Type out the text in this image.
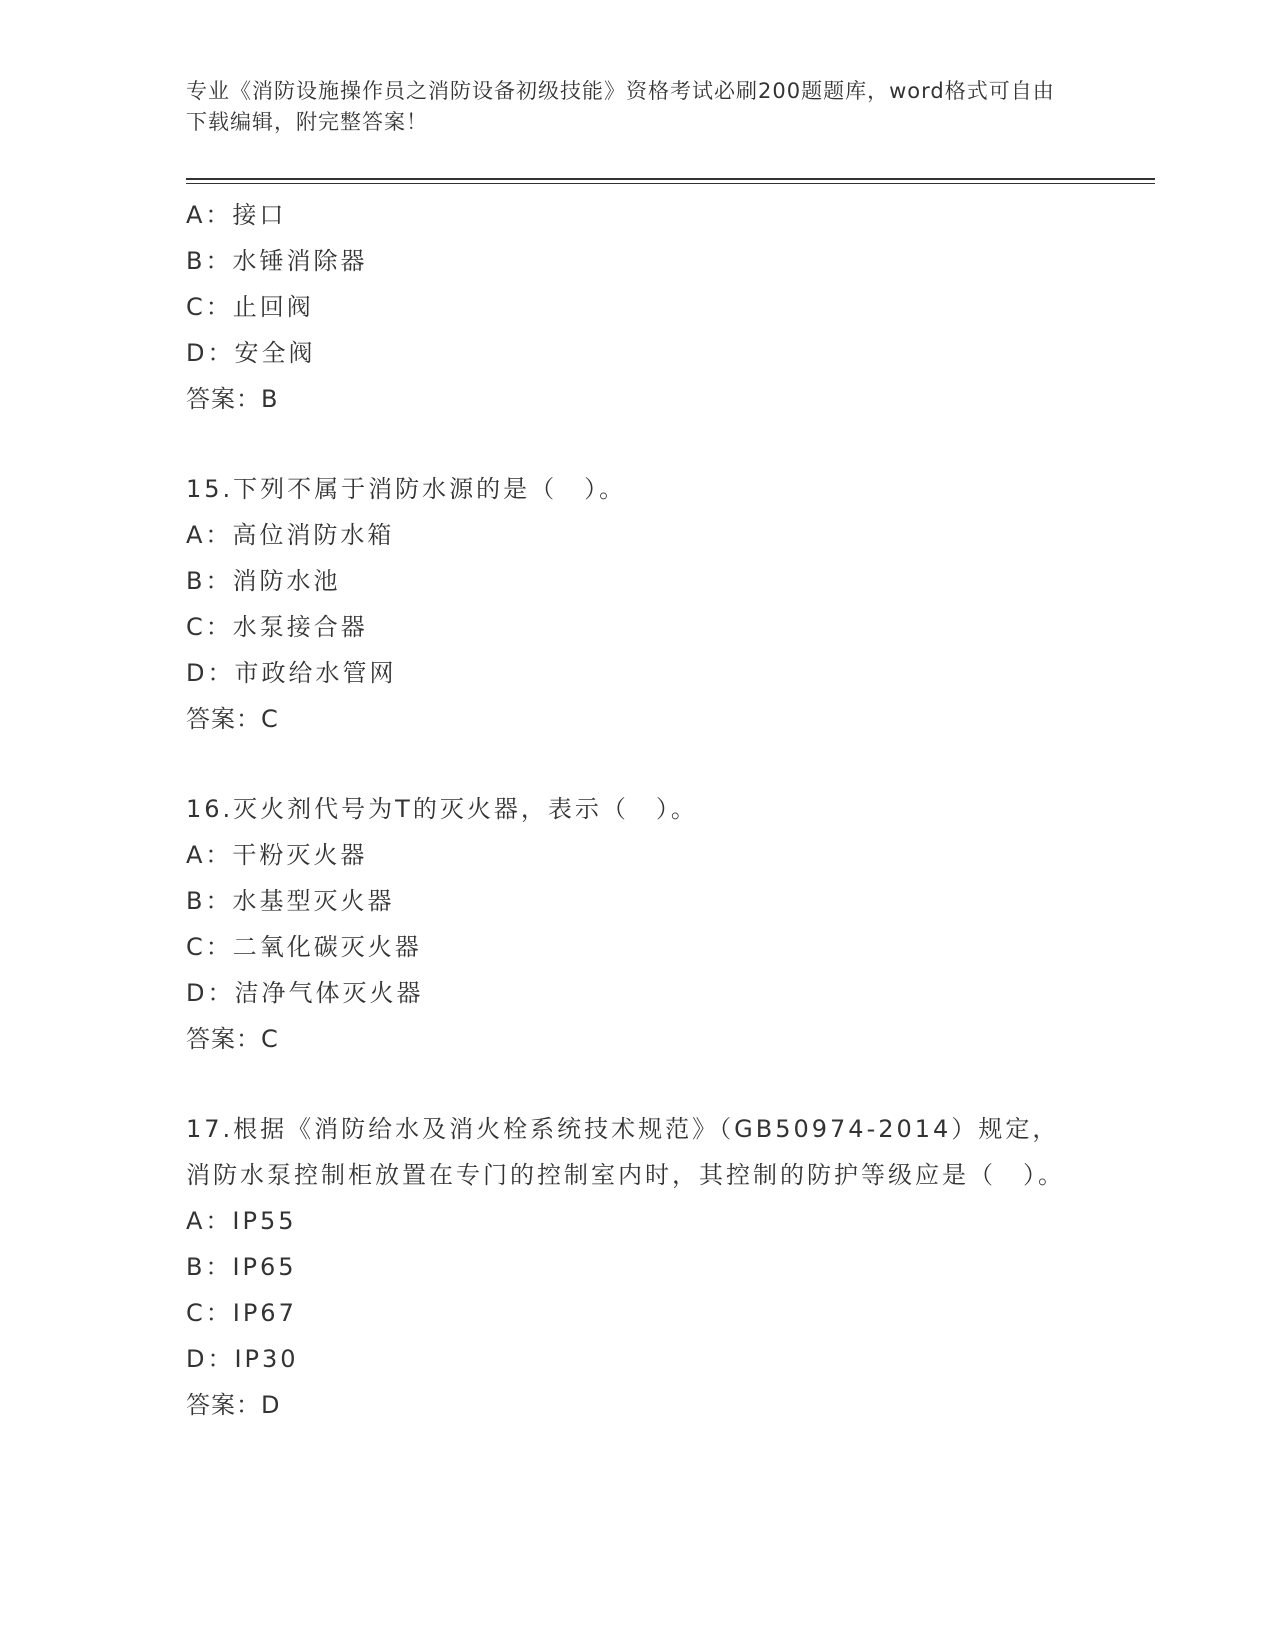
专业《消防设施操作员之消防设备初级技能》资格考试必刷200题题库，word格式可自由下载编辑，附完整答案！
A：接口
B：水锤消除器
C：止回阀
D：安全阀
答案：B
15.下列不属于消防水源的是（　）。
A：高位消防水箱
B：消防水池
C：水泵接合器
D：市政给水管网
答案：C
16.灭火剂代号为T的灭火器，表示（　）。
A：干粉灭火器
B：水基型灭火器
C：二氧化碳灭火器
D：洁净气体灭火器
答案：C
17.根据《消防给水及消火栓系统技术规范》（GB50974-2014）规定，消防水泵控制柜放置在专门的控制室内时，其控制的防护等级应是（　）。
A：IP55
B：IP65
C：IP67
D：IP30
答案：D
